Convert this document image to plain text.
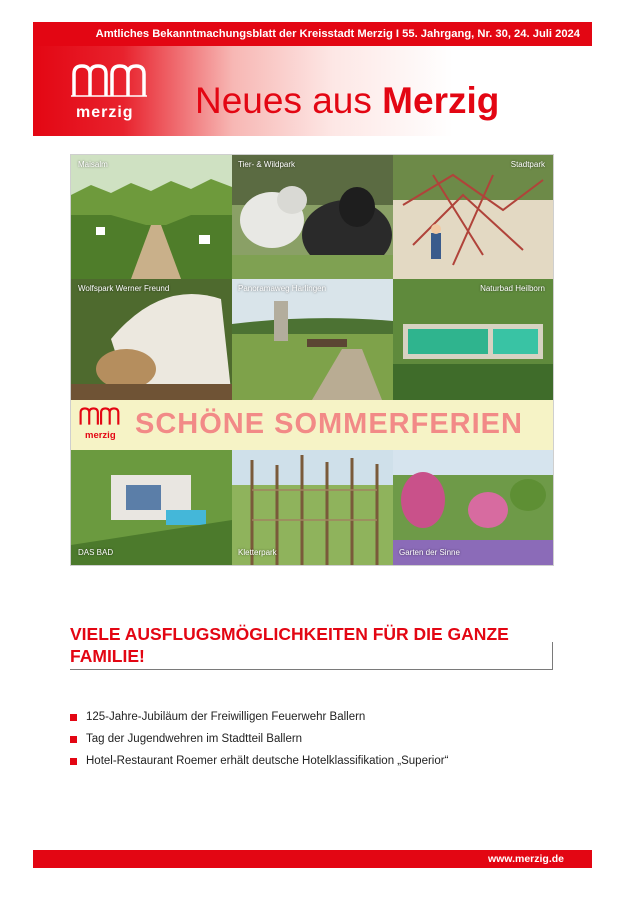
Amtliches Bekanntmachungsblatt der Kreisstadt Merzig I 55. Jahrgang, Nr. 30, 24. Juli 2024
merzig Neues aus Merzig
Maisalm	Tier- & Wildpark	Stadtpark
Wolfspark Werner Freund	Panoramaweg Harlingen	Naturbad Heilborn
merzig SCHÖNE SOMMERFERIEN
DAS BAD	Kletterpark	Garten der Sinne
VIELE AUSFLUGSMÖGLICHKEITEN FÜR DIE GANZE FAMILIE!
125-Jahre-Jubiläum der Freiwilligen Feuerwehr Ballern
Tag der Jugendwehren im Stadtteil Ballern
Hotel-Restaurant Roemer erhält deutsche Hotelklassifikation „Superior“
www.merzig.de
